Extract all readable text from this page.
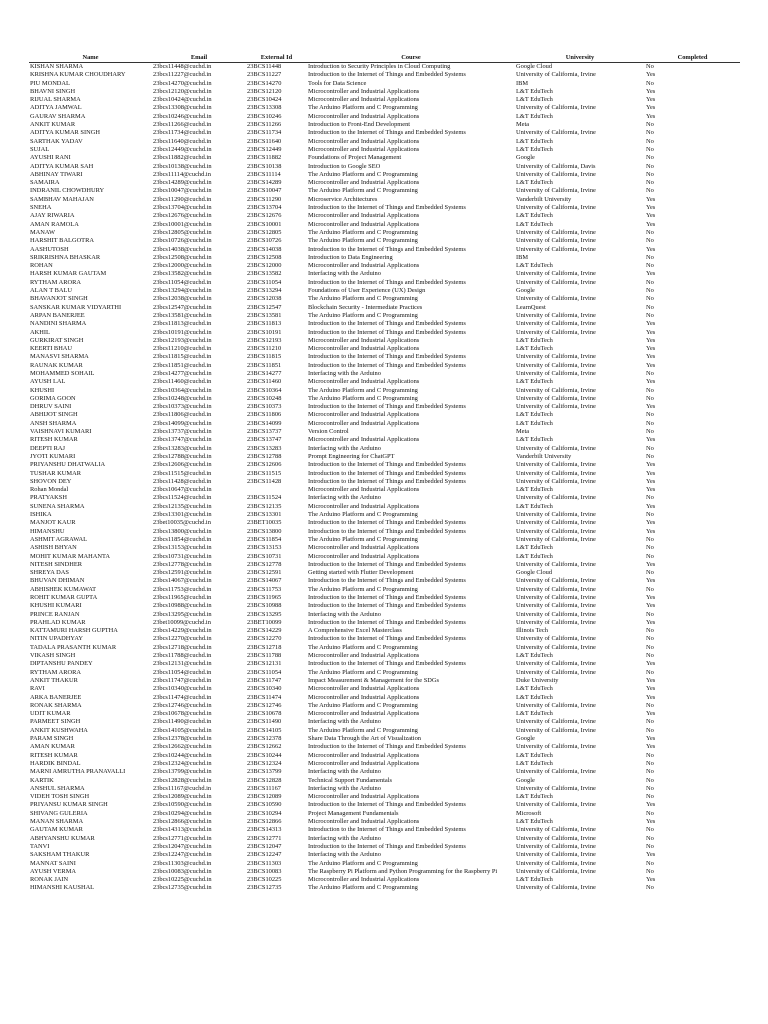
Name	Email	External Id	Course	University	Completed
KISHAN SHARMA	23bcs11448@cuchd.in	23BCS11448	Introduction to Security Principles in Cloud Computing	Google Cloud	No
KRISHNA KUMAR CHOUDHARY	23bcs11227@cuchd.in	23BCS11227	Introduction to the Internet of Things and Embedded Systems	University of California, Irvine	Yes
PIU MONDAL	23bcs14270@cuchd.in	23BCS14270	Tools for Data Science	IBM	No
BHAVNI SINGH	23bcs12120@cuchd.in	23BCS12120	Microcontroller and Industrial Applications	L&T EduTech	Yes
RIJUAL SHARMA	23bcs10424@cuchd.in	23BCS10424	Microcontroller and Industrial Applications	L&T EduTech	Yes
ADITYA JAMWAL	23bcs13308@cuchd.in	23BCS13308	The Arduino Platform and C Programming	University of California, Irvine	Yes
GAURAV SHARMA	23bcs10246@cuchd.in	23BCS10246	Microcontroller and Industrial Applications	L&T EduTech	Yes
ANKIT KUMAR	23bcs11266@cuchd.in	23BCS11266	Introduction to Front-End Development	Meta	No
ADITYA KUMAR SINGH	23bcs11734@cuchd.in	23BCS11734	Introduction to the Internet of Things and Embedded Systems	University of California, Irvine	No
SARTHAK YADAV	23bcs11640@cuchd.in	23BCS11640	Microcontroller and Industrial Applications	L&T EduTech	No
SUJAL	23bcs12449@cuchd.in	23BCS12449	Microcontroller and Industrial Applications	L&T EduTech	No
AYUSHI RANI	23bcs11882@cuchd.in	23BCS11882	Foundations of Project Management	Google	No
ADITYA KUMAR SAH	23bcs10138@cuchd.in	23BCS10138	Introduction to Google SEO	University of California, Davis	No
ABHINAY TIWARI	23bcs11114@cuchd.in	23BCS11114	The Arduino Platform and C Programming	University of California, Irvine	No
SAMAIRA	23bcs14289@cuchd.in	23BCS14289	Microcontroller and Industrial Applications	L&T EduTech	No
INDRANIL CHOWDHURY	23bcs10047@cuchd.in	23BCS10047	The Arduino Platform and C Programming	University of California, Irvine	No
SAMBHAV MAHAJAN	23bcs11290@cuchd.in	23BCS11290	Microservice Architectures	Vanderbilt University	Yes
SNEHA	23bcs13704@cuchd.in	23BCS13704	Introduction to the Internet of Things and Embedded Systems	University of California, Irvine	Yes
AJAY RIWARIA	23bcs12676@cuchd.in	23BCS12676	Microcontroller and Industrial Applications	L&T EduTech	Yes
AMAN RAMOLA	23bcs10001@cuchd.in	23BCS10001	Microcontroller and Industrial Applications	L&T EduTech	Yes
MANAW	23bcs12805@cuchd.in	23BCS12805	The Arduino Platform and C Programming	University of California, Irvine	No
HARSHIT BALGOTRA	23bcs10726@cuchd.in	23BCS10726	The Arduino Platform and C Programming	University of California, Irvine	No
AASHUTOSH	23bcs14038@cuchd.in	23BCS14038	Introduction to the Internet of Things and Embedded Systems	University of California, Irvine	Yes
SRIKRISHNA BHASKAR	23bcs12508@cuchd.in	23BCS12508	Introduction to Data Engineering	IBM	No
ROHAN	23bcs12000@cuchd.in	23BCS12000	Microcontroller and Industrial Applications	L&T EduTech	No
HARSH KUMAR GAUTAM	23bcs13582@cuchd.in	23BCS13582	Interfacing with the Arduino	University of California, Irvine	Yes
RYTHAM ARORA	23bcs11054@cuchd.in	23BCS11054	Introduction to the Internet of Things and Embedded Systems	University of California, Irvine	No
ALAN T BALU	23bcs13294@cuchd.in	23BCS13294	Foundations of User Experience (UX) Design	Google	No
BHAVANJOT SINGH	23bcs12038@cuchd.in	23BCS12038	The Arduino Platform and C Programming	University of California, Irvine	No
SANSKAR KUMAR VIDYARTHI	23bcs12547@cuchd.in	23BCS12547	Blockchain Security - Intermediate Practices	LearnQuest	No
ARPAN BANERJEE	23bcs13581@cuchd.in	23BCS13581	The Arduino Platform and C Programming	University of California, Irvine	No
NANDINI SHARMA	23bcs11813@cuchd.in	23BCS11813	Introduction to the Internet of Things and Embedded Systems	University of California, Irvine	Yes
AKHIL	23bcs10191@cuchd.in	23BCS10191	Introduction to the Internet of Things and Embedded Systems	University of California, Irvine	Yes
GURKIRAT SINGH	23bcs12193@cuchd.in	23BCS12193	Microcontroller and Industrial Applications	L&T EduTech	Yes
KEERTI BHAU	23bcs11210@cuchd.in	23BCS11210	Microcontroller and Industrial Applications	L&T EduTech	Yes
MANASVI SHARMA	23bcs11815@cuchd.in	23BCS11815	Introduction to the Internet of Things and Embedded Systems	University of California, Irvine	Yes
RAUNAK KUMAR	23bcs11851@cuchd.in	23BCS11851	Introduction to the Internet of Things and Embedded Systems	University of California, Irvine	Yes
MOHAMMED SOHAIL	23bcs14277@cuchd.in	23BCS14277	Interfacing with the Arduino	University of California, Irvine	No
AYUSH LAL	23bcs11460@cuchd.in	23BCS11460	Microcontroller and Industrial Applications	L&T EduTech	Yes
KHUSHI	23bcs10364@cuchd.in	23BCS10364	The Arduino Platform and C Programming	University of California, Irvine	No
GORIMA GOON	23bcs10248@cuchd.in	23BCS10248	The Arduino Platform and C Programming	University of California, Irvine	No
DHRUV SAINI	23bcs10373@cuchd.in	23BCS10373	Introduction to the Internet of Things and Embedded Systems	University of California, Irvine	Yes
ABHIJOT SINGH	23bcs11806@cuchd.in	23BCS11806	Microcontroller and Industrial Applications	L&T EduTech	No
ANSH SHARMA	23bcs14099@cuchd.in	23BCS14099	Microcontroller and Industrial Applications	L&T EduTech	No
VAISHNAVI KUMARI	23bcs13737@cuchd.in	23BCS13737	Version Control	Meta	No
RITESH KUMAR	23bcs13747@cuchd.in	23BCS13747	Microcontroller and Industrial Applications	L&T EduTech	Yes
DEEPTI RAJ	23bcs13283@cuchd.in	23BCS13283	Interfacing with the Arduino	University of California, Irvine	No
JYOTI KUMARI	23bcs12788@cuchd.in	23BCS12788	Prompt Engineering for ChatGPT	Vanderbilt University	No
PRIYANSHU DHATWALIA	23bcs12606@cuchd.in	23BCS12606	Introduction to the Internet of Things and Embedded Systems	University of California, Irvine	Yes
TUSHAR KUMAR	23bcs11515@cuchd.in	23BCS11515	Introduction to the Internet of Things and Embedded Systems	University of California, Irvine	Yes
SHOVON DEY	23bcs11428@cuchd.in	23BCS11428	Introduction to the Internet of Things and Embedded Systems	University of California, Irvine	Yes
Rohan Mondal	23bcs10647@cuchd.in		Microcontroller and Industrial Applications	L&T EduTech	Yes
PRATYAKSH	23bcs11524@cuchd.in	23BCS11524	Interfacing with the Arduino	University of California, Irvine	No
SUNENA SHARMA	23bcs12135@cuchd.in	23BCS12135	Microcontroller and Industrial Applications	L&T EduTech	Yes
ISHIKA	23bcs13301@cuchd.in	23BCS13301	The Arduino Platform and C Programming	University of California, Irvine	No
MANJOT KAUR	23bet10035@cuchd.in	23BET10035	Introduction to the Internet of Things and Embedded Systems	University of California, Irvine	Yes
HIMANSHU	23bcs13800@cuchd.in	23BCS13800	Introduction to the Internet of Things and Embedded Systems	University of California, Irvine	Yes
ASHMIT AGRAWAL	23bcs11854@cuchd.in	23BCS11854	The Arduino Platform and C Programming	University of California, Irvine	No
ASHISH BHYAN	23bcs13153@cuchd.in	23BCS13153	Microcontroller and Industrial Applications	L&T EduTech	No
MOHIT KUMAR MAHANTA	23bcs10731@cuchd.in	23BCS10731	Microcontroller and Industrial Applications	L&T EduTech	No
NITESH SINDHER	23bcs12778@cuchd.in	23BCS12778	Introduction to the Internet of Things and Embedded Systems	University of California, Irvine	Yes
SHREYA DAS	23bcs12591@cuchd.in	23BCS12591	Getting started with Flutter Development	Google Cloud	No
BHUVAN DHIMAN	23bcs14067@cuchd.in	23BCS14067	Introduction to the Internet of Things and Embedded Systems	University of California, Irvine	Yes
ABHISHEK KUMAWAT	23bcs11753@cuchd.in	23BCS11753	The Arduino Platform and C Programming	University of California, Irvine	No
ROHIT KUMAR GUPTA	23bcs11965@cuchd.in	23BCS11965	Introduction to the Internet of Things and Embedded Systems	University of California, Irvine	Yes
KHUSHI KUMARI	23bcs10988@cuchd.in	23BCS10988	Introduction to the Internet of Things and Embedded Systems	University of California, Irvine	Yes
PRINCE RANJAN	23bcs13295@cuchd.in	23BCS13295	Interfacing with the Arduino	University of California, Irvine	No
PRAHLAD KUMAR	23bet10099@cuchd.in	23BET10099	Introduction to the Internet of Things and Embedded Systems	University of California, Irvine	Yes
KATTAMURI HARSH GUPTHA	23bcs14229@cuchd.in	23BCS14229	A Comprehensive Excel Masterclass	Illinois Tech	No
NITIN UPADHYAY	23bcs12270@cuchd.in	23BCS12270	Introduction to the Internet of Things and Embedded Systems	University of California, Irvine	No
TADALA PRASANTH KUMAR	23bcs12718@cuchd.in	23BCS12718	The Arduino Platform and C Programming	University of California, Irvine	No
VIKASH SINGH	23bcs11788@cuchd.in	23BCS11788	Microcontroller and Industrial Applications	L&T EduTech	No
DIPTANSHU PANDEY	23bcs12131@cuchd.in	23BCS12131	Introduction to the Internet of Things and Embedded Systems	University of California, Irvine	Yes
RYTHAM ARORA	23bcs11054@cuchd.in	23BCS11054	The Arduino Platform and C Programming	University of California, Irvine	No
ANKIT THAKUR	23bcs11747@cuchd.in	23BCS11747	Impact Measurement & Management for the SDGs	Duke University	Yes
RAVI	23bcs10340@cuchd.in	23BCS10340	Microcontroller and Industrial Applications	L&T EduTech	Yes
ARKA BANERJEE	23bcs11474@cuchd.in	23BCS11474	Microcontroller and Industrial Applications	L&T EduTech	Yes
RONAK SHARMA	23bcs12746@cuchd.in	23BCS12746	The Arduino Platform and C Programming	University of California, Irvine	No
UDIT KUMAR	23bcs10678@cuchd.in	23BCS10678	Microcontroller and Industrial Applications	L&T EduTech	Yes
PARMEET SINGH	23bcs11490@cuchd.in	23BCS11490	Interfacing with the Arduino	University of California, Irvine	No
ANKIT KUSHWAHA	23bcs14105@cuchd.in	23BCS14105	The Arduino Platform and C Programming	University of California, Irvine	No
PARAM SINGH	23bcs12378@cuchd.in	23BCS12378	Share Data Through the Art of Visualization	Google	Yes
AMAN KUMAR	23bcs12662@cuchd.in	23BCS12662	Introduction to the Internet of Things and Embedded Systems	University of California, Irvine	Yes
RITESH KUMAR	23bcs10244@cuchd.in	23BCS10244	Microcontroller and Industrial Applications	L&T EduTech	No
HARDIK BINDAL	23bcs12324@cuchd.in	23BCS12324	Microcontroller and Industrial Applications	L&T EduTech	No
MARNI AMRUTHA PRANAVALLI	23bcs13799@cuchd.in	23BCS13799	Interfacing with the Arduino	University of California, Irvine	No
KARTIK	23bcs12828@cuchd.in	23BCS12828	Technical Support Fundamentals	Google	No
ANSHUL SHARMA	23bcs11167@cuchd.in	23BCS11167	Interfacing with the Arduino	University of California, Irvine	No
VIDEH TOSH SINGH	23bcs12089@cuchd.in	23BCS12089	Microcontroller and Industrial Applications	L&T EduTech	No
PRIYANSU KUMAR SINGH	23bcs10590@cuchd.in	23BCS10590	Introduction to the Internet of Things and Embedded Systems	University of California, Irvine	Yes
SHIVANG GULERIA	23bcs10294@cuchd.in	23BCS10294	Project Management Fundamentals	Microsoft	No
MANAN SHARMA	23bcs12866@cuchd.in	23BCS12866	Microcontroller and Industrial Applications	L&T EduTech	Yes
GAUTAM KUMAR	23bcs14313@cuchd.in	23BCS14313	Introduction to the Internet of Things and Embedded Systems	University of California, Irvine	No
ABHYANSHU KUMAR	23bcs12771@cuchd.in	23BCS12771	Interfacing with the Arduino	University of California, Irvine	No
TANVI	23bcs12047@cuchd.in	23BCS12047	Introduction to the Internet of Things and Embedded Systems	University of California, Irvine	No
SAKSHAM THAKUR	23bcs12247@cuchd.in	23BCS12247	Interfacing with the Arduino	University of California, Irvine	Yes
MANNAT SAINI	23bcs11303@cuchd.in	23BCS11303	The Arduino Platform and C Programming	University of California, Irvine	No
AYUSH VERMA	23bcs10083@cuchd.in	23BCS10083	The Raspberry Pi Platform and Python Programming for the Raspberry Pi	University of California, Irvine	No
RONAK JAIN	23bcs10225@cuchd.in	23BCS10225	Microcontroller and Industrial Applications	L&T EduTech	Yes
HIMANSHI KAUSHAL	23bcs12735@cuchd.in	23BCS12735	The Arduino Platform and C Programming	University of California, Irvine	No
